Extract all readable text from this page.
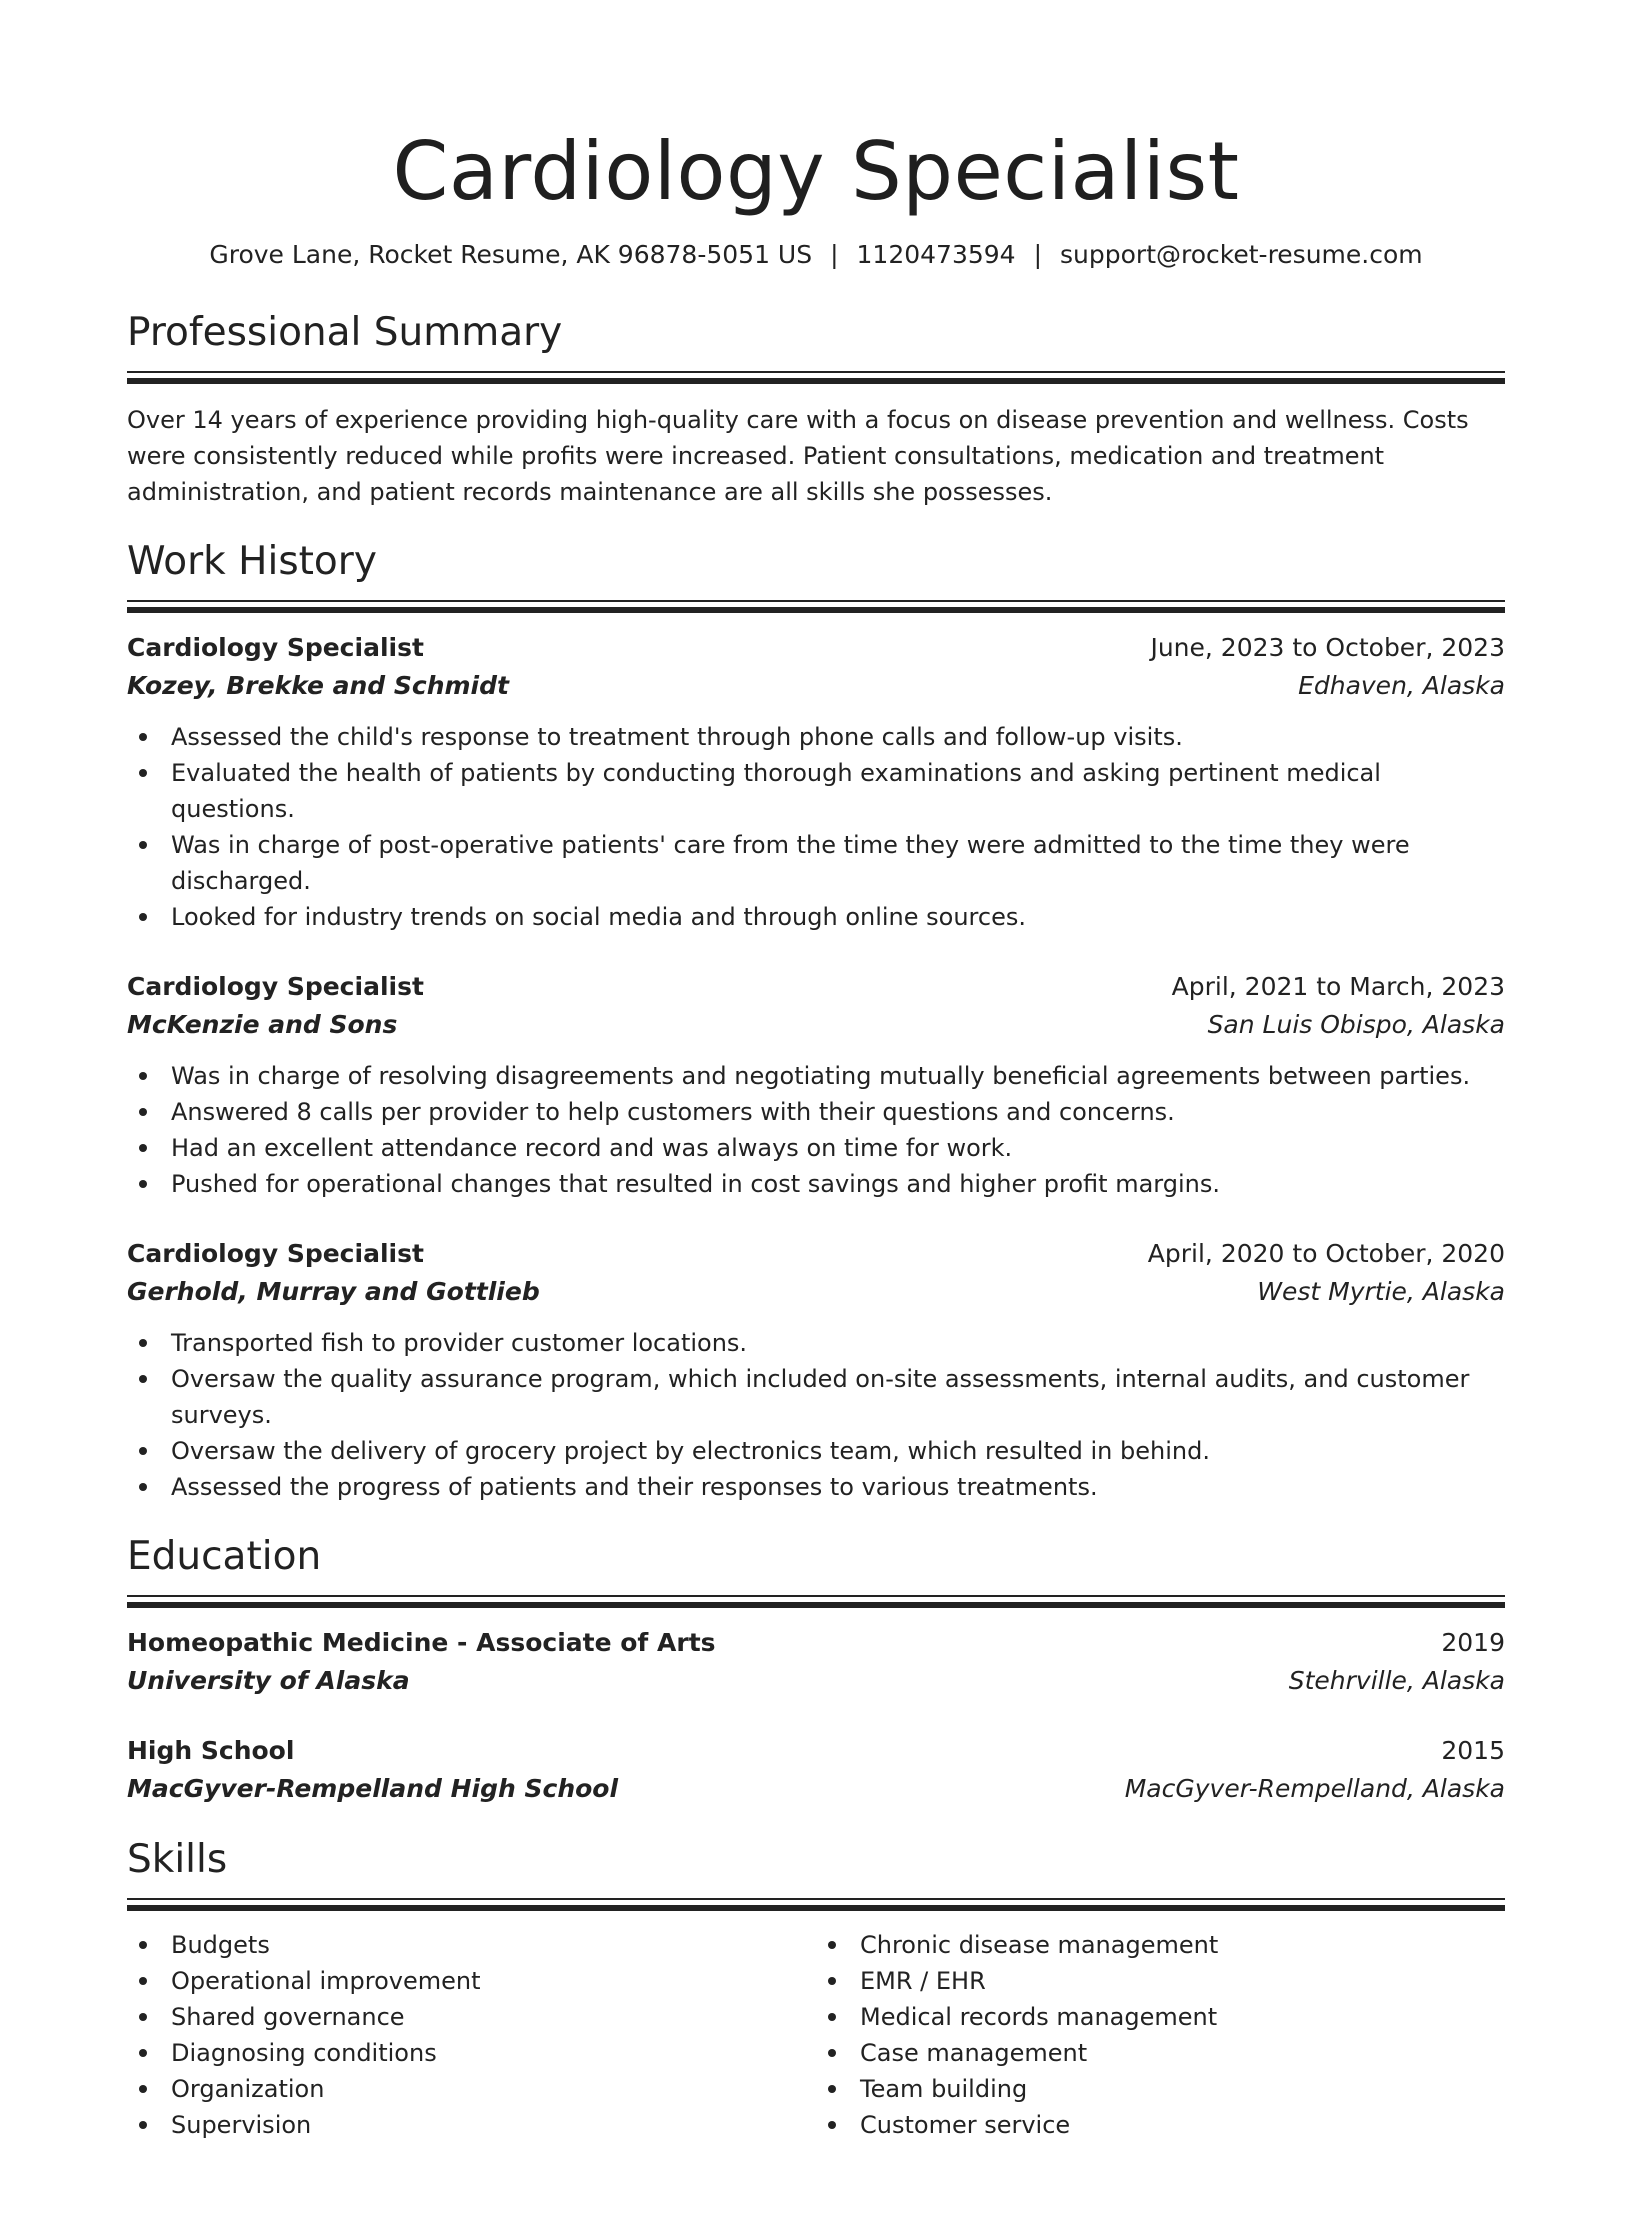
Cardiology Specialist
Grove Lane, Rocket Resume, AK 96878-5051 US | 1120473594 | support@rocket-resume.com
Professional Summary

Over 14 years of experience providing high-quality care with a focus on disease prevention and wellness. Costs were consistently reduced while profits were increased. Patient consultations, medication and treatment administration, and patient records maintenance are all skills she possesses.

Work History
Cardiology Specialist	June, 2023 to October, 2023
Kozey, Brekke and Schmidt	Edhaven, Alaska
Assessed the child's response to treatment through phone calls and follow-up visits.
Evaluated the health of patients by conducting thorough examinations and asking pertinent medical questions.
Was in charge of post-operative patients' care from the time they were admitted to the time they were discharged.
Looked for industry trends on social media and through online sources.
Cardiology Specialist	April, 2021 to March, 2023
McKenzie and Sons	San Luis Obispo, Alaska
Was in charge of resolving disagreements and negotiating mutually beneficial agreements between parties.
Answered 8 calls per provider to help customers with their questions and concerns.
Had an excellent attendance record and was always on time for work.
Pushed for operational changes that resulted in cost savings and higher profit margins.
Cardiology Specialist	April, 2020 to October, 2020
Gerhold, Murray and Gottlieb	West Myrtie, Alaska
Transported fish to provider customer locations.
Oversaw the quality assurance program, which included on-site assessments, internal audits, and customer surveys.
Oversaw the delivery of grocery project by electronics team, which resulted in behind.
Assessed the progress of patients and their responses to various treatments.
Education
Homeopathic Medicine - Associate of Arts	2019
University of Alaska	Stehrville, Alaska
High School	2015
MacGyver-Rempelland High School	MacGyver-Rempelland, Alaska
Skills
Budgets
Operational improvement
Shared governance
Diagnosing conditions
Organization
Supervision
Chronic disease management
EMR / EHR
Medical records management
Case management
Team building
Customer service
